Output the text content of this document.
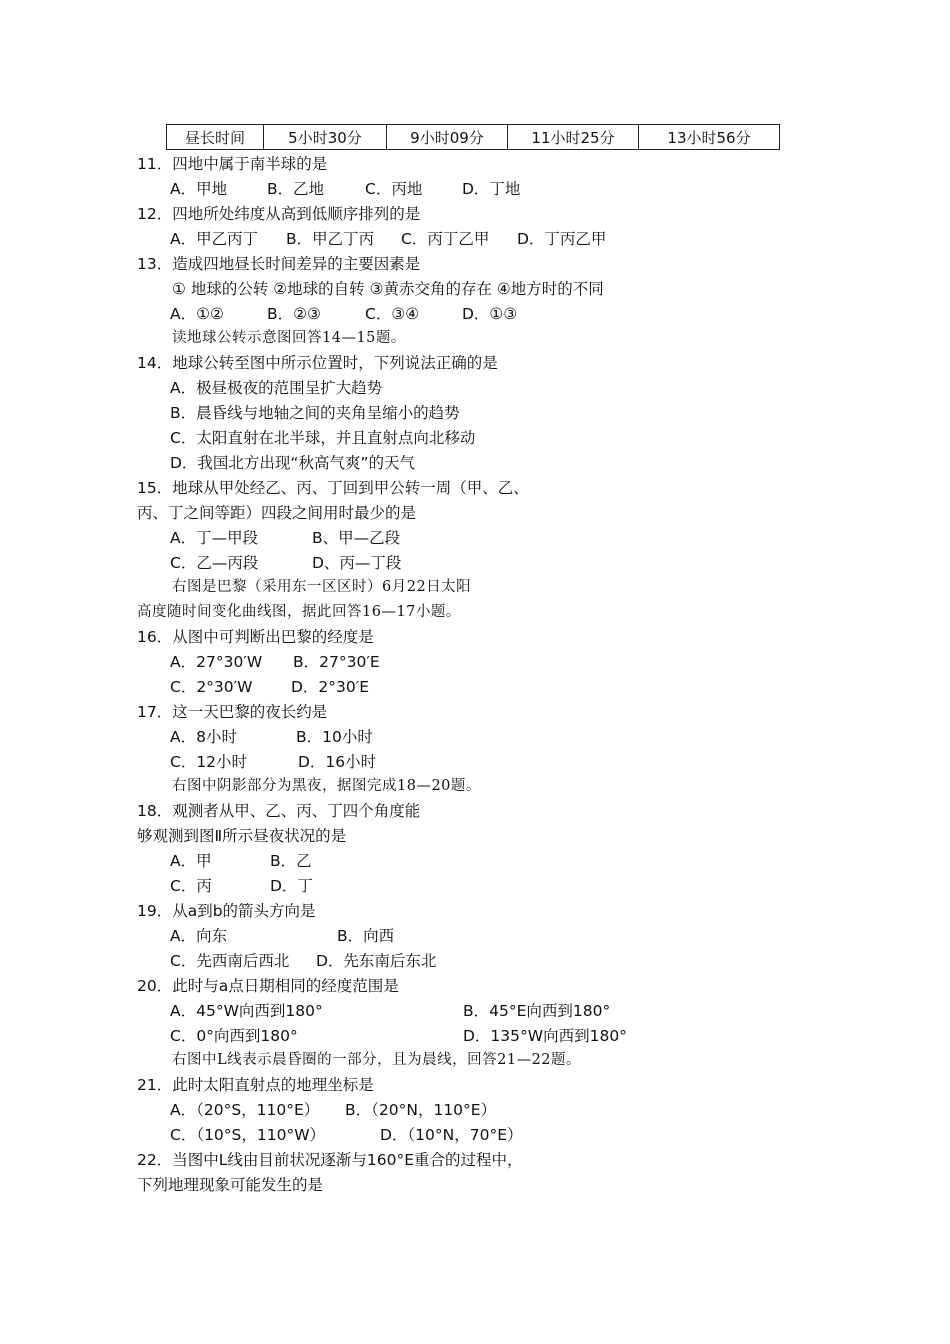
昼长时间	5小时30分	9小时09分	11小时25分	13小时56分
11．四地中属于南半球的是
A．甲地	B．乙地	C．丙地	D．丁地
12．四地所处纬度从高到低顺序排列的是
A．甲乙丙丁 B．甲乙丁丙 C．丙丁乙甲 D．丁丙乙甲
13．造成四地昼长时间差异的主要因素是
① 地球的公转 ②地球的自转 ③黄赤交角的存在 ④地方时的不同
A．①②	B．②③	C．③④	D．①③
读地球公转示意图回答14—15题。
14．地球公转至图中所示位置时，下列说法正确的是
A．极昼极夜的范围呈扩大趋势
B．晨昏线与地轴之间的夹角呈缩小的趋势
C．太阳直射在北半球，并且直射点向北移动
D．我国北方出现“秋高气爽”的天气
15．地球从甲处经乙、丙、丁回到甲公转一周（甲、乙、
丙、丁之间等距）四段之间用时最少的是
A．丁—甲段	B、甲—乙段
C．乙—丙段	D、丙—丁段
右图是巴黎（采用东一区区时）6月22日太阳
高度随时间变化曲线图，据此回答16—17小题。
16．从图中可判断出巴黎的经度是
A．27°30′W B．27°30′E
C．2°30′W D．2°30′E
17．这一天巴黎的夜长约是
A．8小时	B．10小时
C．12小时	D．16小时
右图中阴影部分为黑夜，据图完成18—20题。
18．观测者从甲、乙、丙、丁四个角度能
够观测到图Ⅱ所示昼夜状况的是
A．甲	B．乙
C．丙	D．丁
19．从a到b的箭头方向是
A．向东	B．向西
C．先西南后西北 D．先东南后东北
20．此时与a点日期相同的经度范围是
A．45°W向西到180°	B．45°E向西到180°
C．0°向西到180°	D．135°W向西到180°
右图中L线表示晨昏圈的一部分，且为晨线，回答21—22题。
21．此时太阳直射点的地理坐标是
A．（20°S，110°E） B．（20°N，110°E）
C．（10°S，110°W）	D．（10°N，70°E）
22．当图中L线由目前状况逐渐与160°E重合的过程中，
下列地理现象可能发生的是
